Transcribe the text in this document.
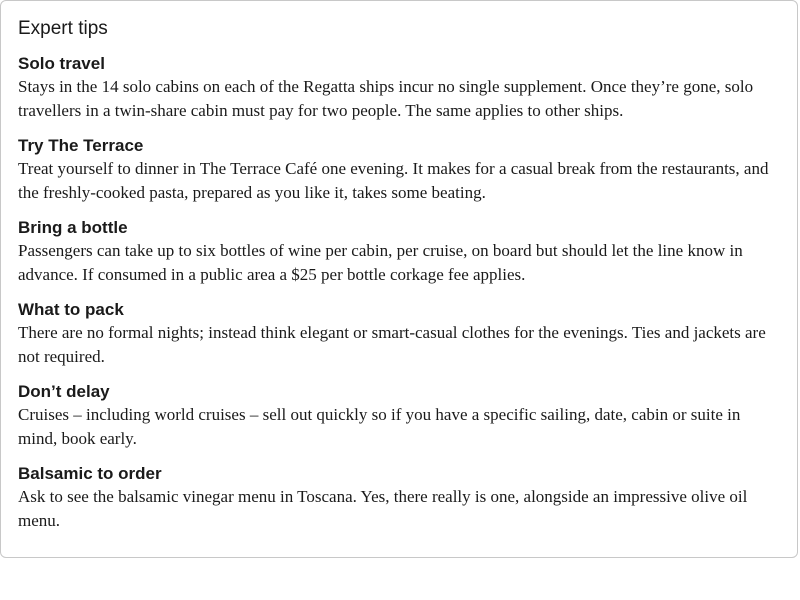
Expert tips
Solo travel

Stays in the 14 solo cabins on each of the Regatta ships incur no single supplement. Once they’re gone, solo travellers in a twin-share cabin must pay for two people. The same applies to other ships.

Try The Terrace

Treat yourself to dinner in The Terrace Café one evening. It makes for a casual break from the restaurants, and the freshly-cooked pasta, prepared as you like it, takes some beating.

Bring a bottle

Passengers can take up to six bottles of wine per cabin, per cruise, on board but should let the line know in advance. If consumed in a public area a $25 per bottle corkage fee applies.

What to pack

There are no formal nights; instead think elegant or smart-casual clothes for the evenings. Ties and jackets are not required.

Don’t delay

Cruises – including world cruises – sell out quickly so if you have a specific sailing, date, cabin or suite in mind, book early.

Balsamic to order

Ask to see the balsamic vinegar menu in Toscana. Yes, there really is one, alongside an impressive olive oil menu.
